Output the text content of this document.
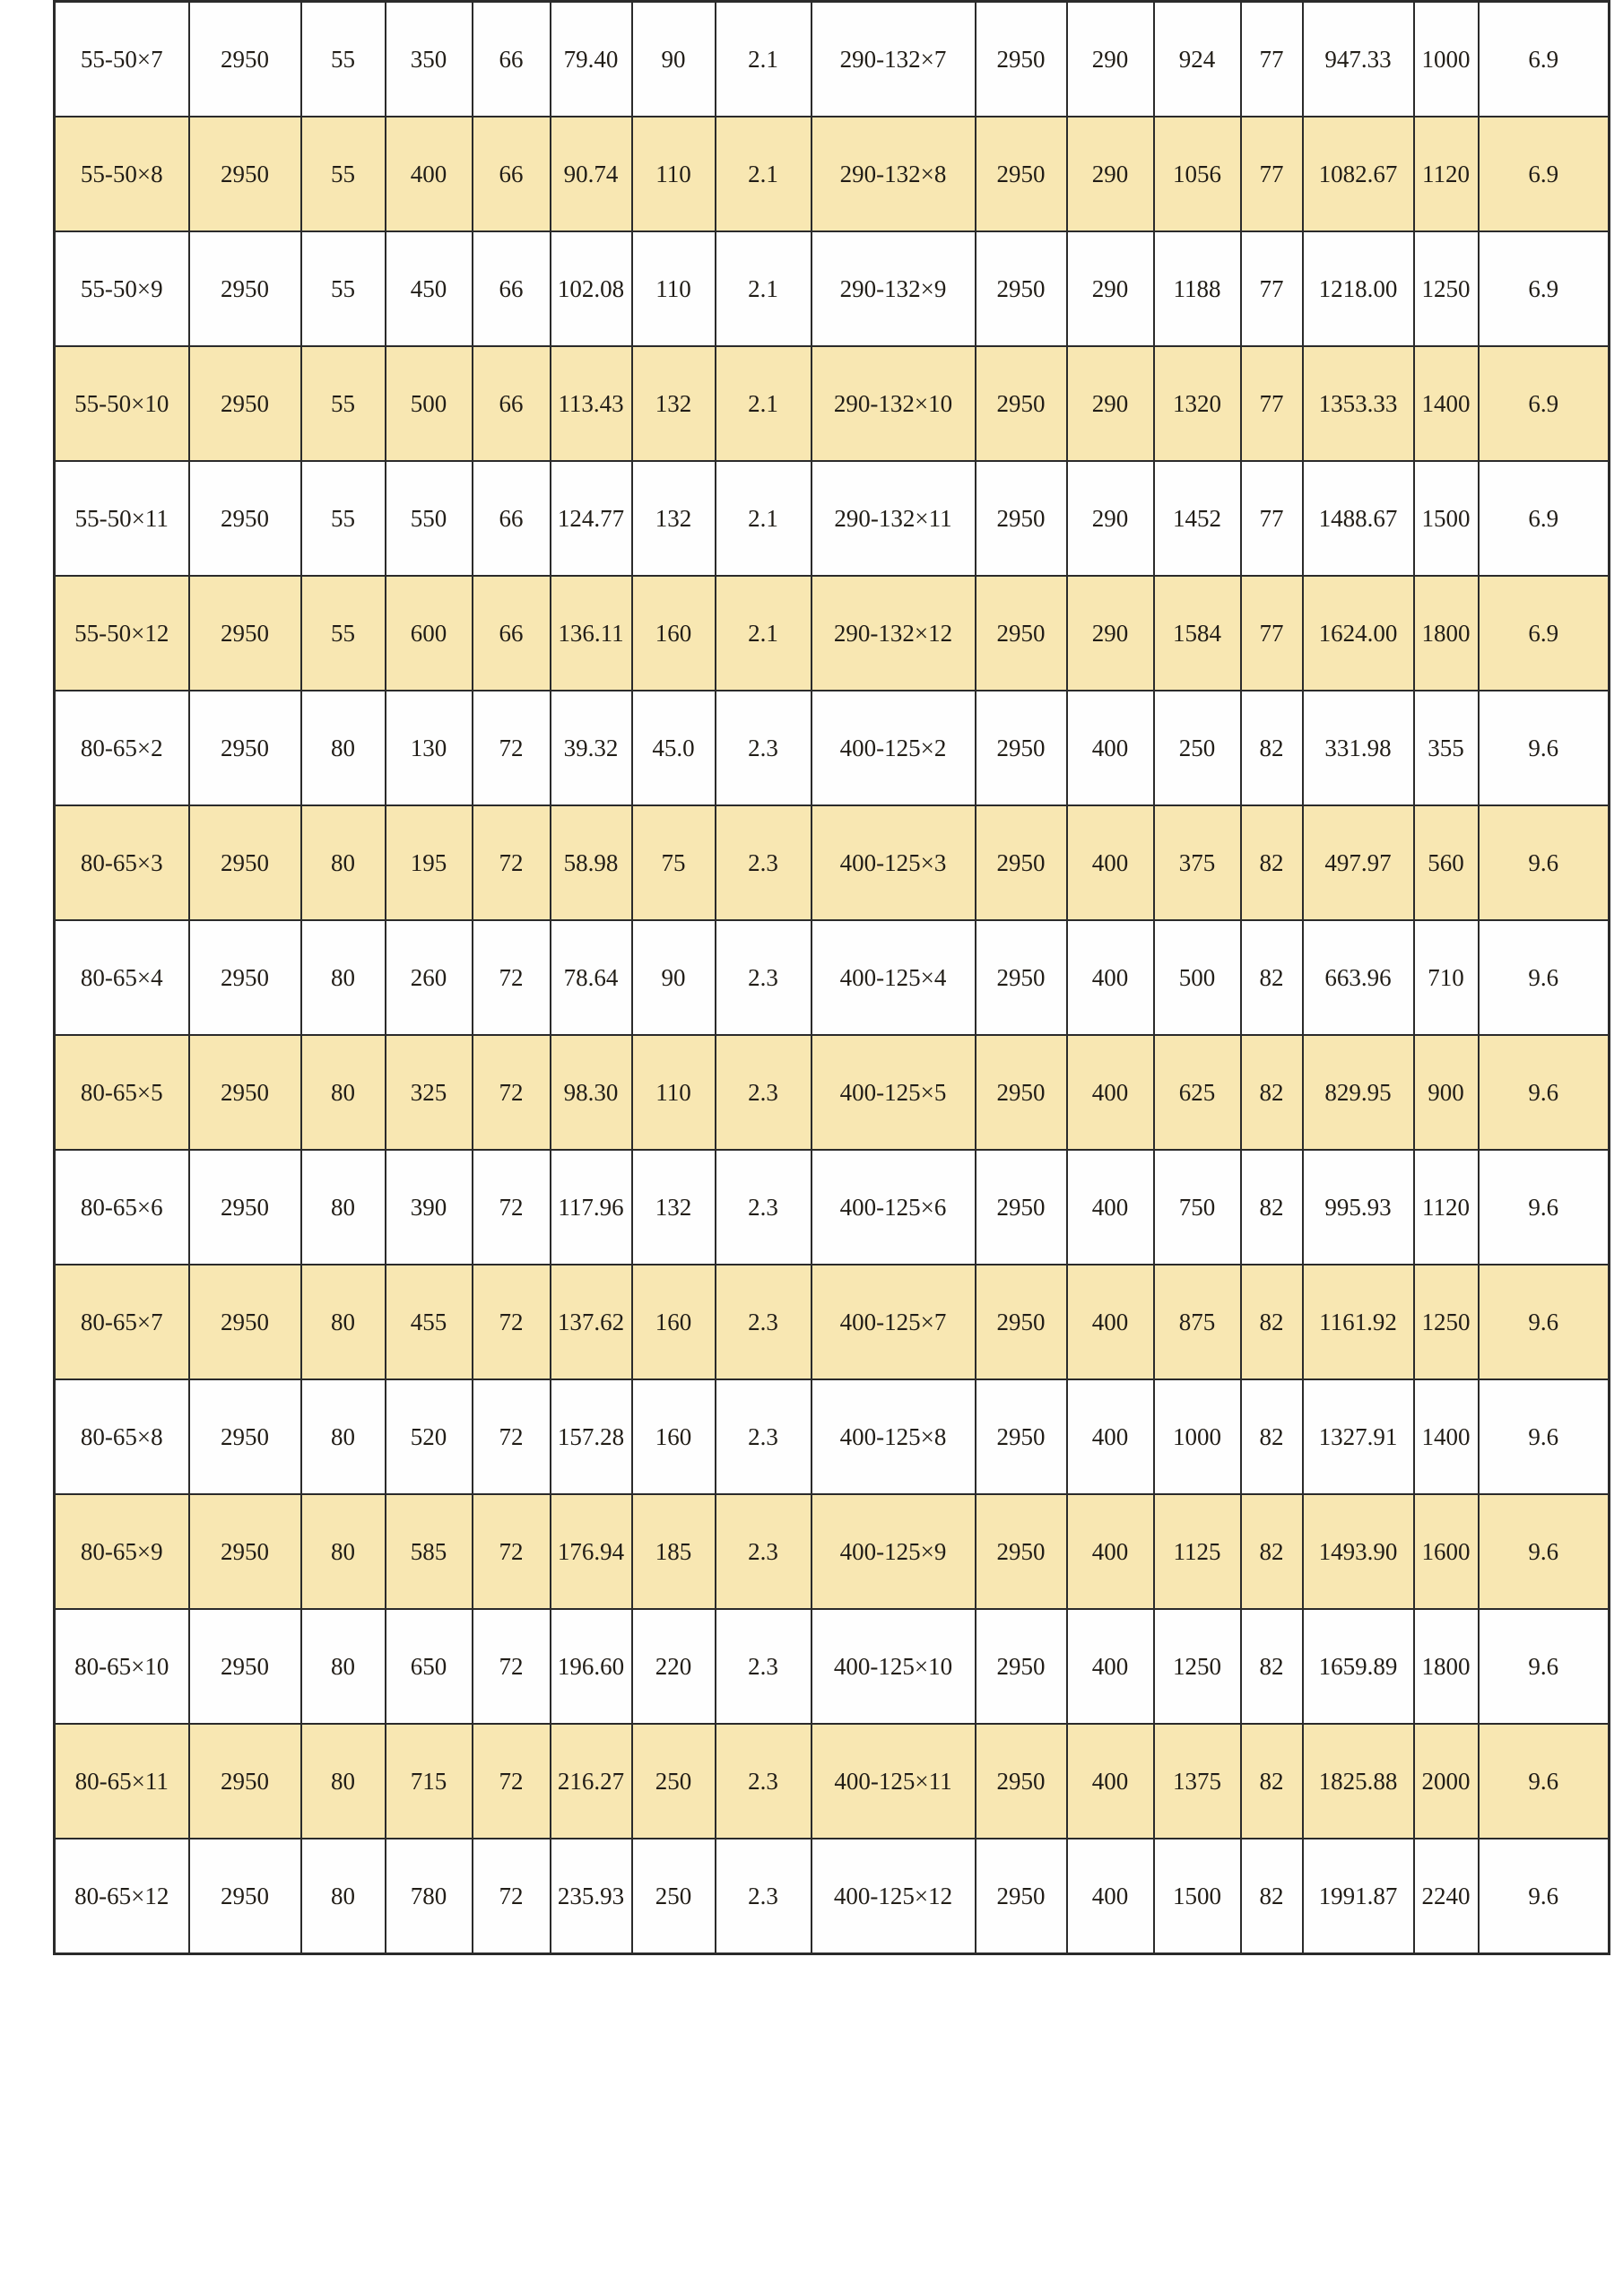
55-50×7	2950	55	350	66	79.40	90	2.1	290-132×7	2950	290	924	77	947.33	1000	6.9
55-50×8	2950	55	400	66	90.74	110	2.1	290-132×8	2950	290	1056	77	1082.67	1120	6.9
55-50×9	2950	55	450	66	102.08	110	2.1	290-132×9	2950	290	1188	77	1218.00	1250	6.9
55-50×10	2950	55	500	66	113.43	132	2.1	290-132×10	2950	290	1320	77	1353.33	1400	6.9
55-50×11	2950	55	550	66	124.77	132	2.1	290-132×11	2950	290	1452	77	1488.67	1500	6.9
55-50×12	2950	55	600	66	136.11	160	2.1	290-132×12	2950	290	1584	77	1624.00	1800	6.9
80-65×2	2950	80	130	72	39.32	45.0	2.3	400-125×2	2950	400	250	82	331.98	355	9.6
80-65×3	2950	80	195	72	58.98	75	2.3	400-125×3	2950	400	375	82	497.97	560	9.6
80-65×4	2950	80	260	72	78.64	90	2.3	400-125×4	2950	400	500	82	663.96	710	9.6
80-65×5	2950	80	325	72	98.30	110	2.3	400-125×5	2950	400	625	82	829.95	900	9.6
80-65×6	2950	80	390	72	117.96	132	2.3	400-125×6	2950	400	750	82	995.93	1120	9.6
80-65×7	2950	80	455	72	137.62	160	2.3	400-125×7	2950	400	875	82	1161.92	1250	9.6
80-65×8	2950	80	520	72	157.28	160	2.3	400-125×8	2950	400	1000	82	1327.91	1400	9.6
80-65×9	2950	80	585	72	176.94	185	2.3	400-125×9	2950	400	1125	82	1493.90	1600	9.6
80-65×10	2950	80	650	72	196.60	220	2.3	400-125×10	2950	400	1250	82	1659.89	1800	9.6
80-65×11	2950	80	715	72	216.27	250	2.3	400-125×11	2950	400	1375	82	1825.88	2000	9.6
80-65×12	2950	80	780	72	235.93	250	2.3	400-125×12	2950	400	1500	82	1991.87	2240	9.6
